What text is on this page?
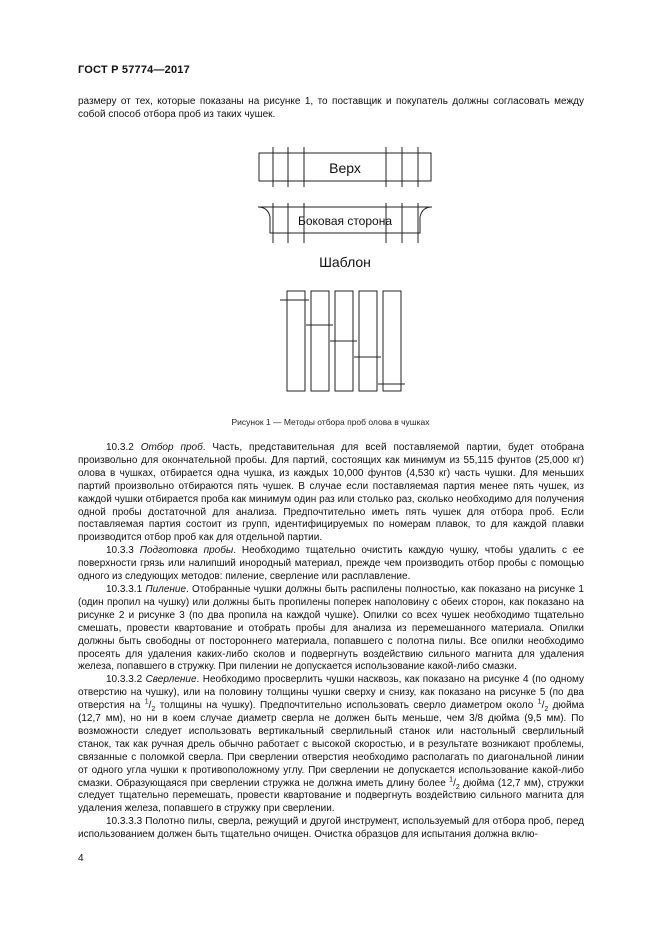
ГОСТ Р 57774—2017

размеру от тех, которые показаны на рисунке 1, то поставщик и покупатель должны согласовать между собой способ отбора проб из таких чушек.

Верх
Боковая сторона
Шаблон
Рисунок 1 — Методы отбора проб олова в чушках

10.3.2 Отбор проб. Часть, представительная для всей поставляемой партии, будет отобрана произвольно для окончательной пробы. Для партий, состоящих как минимум из 55,115 фунтов (25,000 кг) олова в чушках, отбирается одна чушка, из каждых 10,000 фунтов (4,530 кг) часть чушки. Для меньших партий произвольно отбираются пять чушек. В случае если поставляемая партия менее пять чушек, из каждой чушки отбирается проба как минимум один раз или столько раз, сколько необходимо для получения одной пробы достаточной для анализа. Предпочтительно иметь пять чушек для отбора проб. Если поставляемая партия состоит из групп, идентифицируемых по номерам плавок, то для каждой плавки производится отбор проб как для отдельной партии.

10.3.3 Подготовка пробы. Необходимо тщательно очистить каждую чушку, чтобы удалить с ее поверхности грязь или налипший инородный материал, прежде чем производить отбор пробы с помощью одного из следующих методов: пиление, сверление или расплавление.

10.3.3.1 Пиление. Отобранные чушки должны быть распилены полностью, как показано на рисунке 1 (один пропил на чушку) или должны быть пропилены поперек наполовину с обеих сторон, как показано на рисунке 2 и рисунке 3 (по два пропила на каждой чушке). Опилки со всех чушек необходимо тщательно смешать, провести квартование и отобрать пробы для анализа из перемешанного материала. Опилки должны быть свободны от постороннего материала, попавшего с полотна пилы. Все опилки необходимо просеять для удаления каких-либо сколов и подвергнуть воздействию сильного магнита для удаления железа, попавшего в стружку. При пилении не допускается использование какой-либо смазки.

10.3.3.2 Сверление. Необходимо просверлить чушки насквозь, как показано на рисунке 4 (по одному отверстию на чушку), или на половину толщины чушки сверху и снизу, как показано на рисунке 5 (по два отверстия на $^1/_2$ толщины на чушку). Предпочтительно использовать сверло диаметром около $^1/_2$ дюйма (12,7 мм), но ни в коем случае диаметр сверла не должен быть меньше, чем 3/8 дюйма (9,5 мм). По возможности следует использовать вертикальный сверлильный станок или настольный сверлильный станок, так как ручная дрель обычно работает с высокой скоростью, и в результате возникают проблемы, связанные с поломкой сверла. При сверлении отверстия необходимо располагать по диагональной линии от одного угла чушки к противоположному углу. При сверлении не допускается использование какой-либо смазки. Образующаяся при сверлении стружка не должна иметь длину более $^1/_2$ дюйма (12,7 мм), стружки следует тщательно перемешать, провести квартование и подвергнуть воздействию сильного магнита для удаления железа, попавшего в стружку при сверлении.

10.3.3.3 Полотно пилы, сверла, режущий и другой инструмент, используемый для отбора проб, перед использованием должен быть тщательно очищен. Очистка образцов для испытания должна вклю-

4
